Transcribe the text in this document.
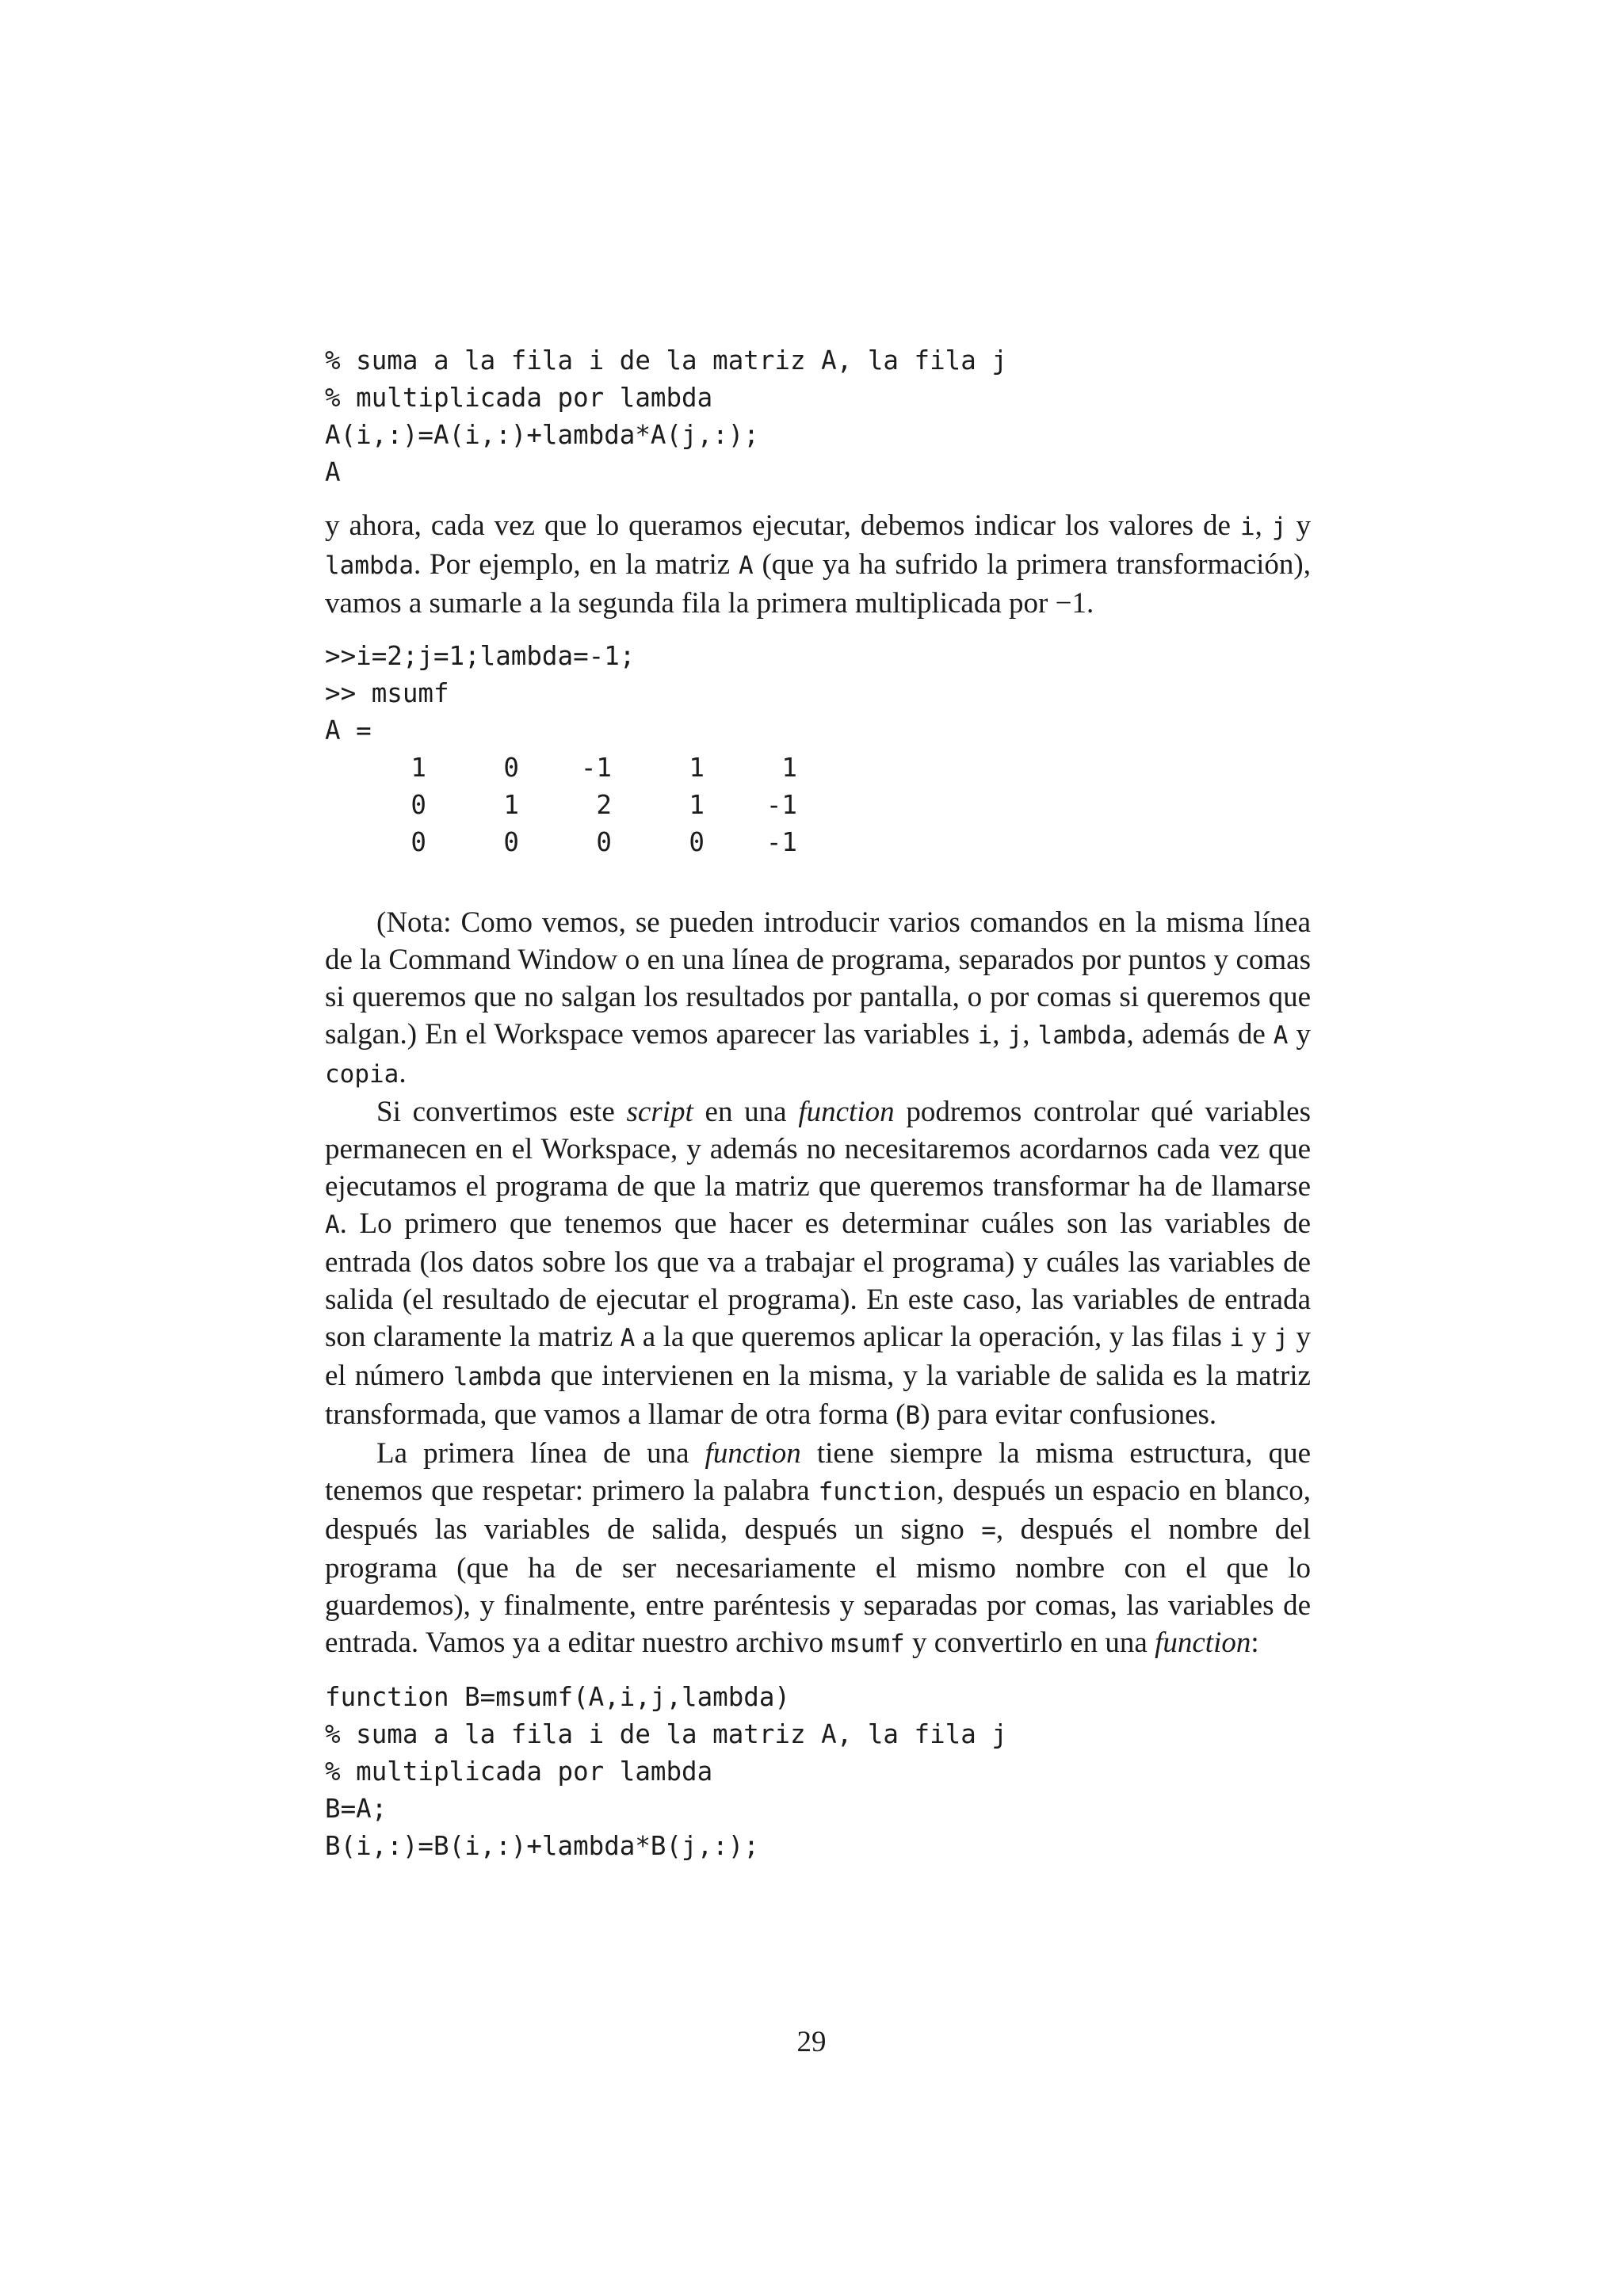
% suma a la fila i de la matriz A, la fila j
% multiplicada por lambda
A(i,:)=A(i,:)+lambda*A(j,:);
A

y ahora, cada vez que lo queramos ejecutar, debemos indicar los valores de i, j y lambda. Por ejemplo, en la matriz A (que ya ha sufrido la primera transformación), vamos a sumarle a la segunda fila la primera multiplicada por −1.

>>i=2;j=1;lambda=-1;
>> msumf
A =
1	0	-1	1	1
0	1	2	1	-1
0	0	0	0	-1

(Nota: Como vemos, se pueden introducir varios comandos en la misma línea de la Command Window o en una línea de programa, separados por puntos y comas si queremos que no salgan los resultados por pantalla, o por comas si queremos que salgan.) En el Workspace vemos aparecer las variables i, j, lambda, además de A y copia.

Si convertimos este script en una function podremos controlar qué variables permanecen en el Workspace, y además no necesitaremos acordarnos cada vez que ejecutamos el programa de que la matriz que queremos transformar ha de llamarse A. Lo primero que tenemos que hacer es determinar cuáles son las variables de entrada (los datos sobre los que va a trabajar el programa) y cuáles las variables de salida (el resultado de ejecutar el programa). En este caso, las variables de entrada son claramente la matriz A a la que queremos aplicar la operación, y las filas i y j y el número lambda que intervienen en la misma, y la variable de salida es la matriz transformada, que vamos a llamar de otra forma (B) para evitar confusiones.

La primera línea de una function tiene siempre la misma estructura, que tenemos que respetar: primero la palabra function, después un espacio en blanco, después las variables de salida, después un signo =, después el nombre del programa (que ha de ser necesariamente el mismo nombre con el que lo guardemos), y finalmente, entre paréntesis y separadas por comas, las variables de entrada. Vamos ya a editar nuestro archivo msumf y convertirlo en una function:

function B=msumf(A,i,j,lambda)
% suma a la fila i de la matriz A, la fila j
% multiplicada por lambda
B=A;
B(i,:)=B(i,:)+lambda*B(j,:);
29
